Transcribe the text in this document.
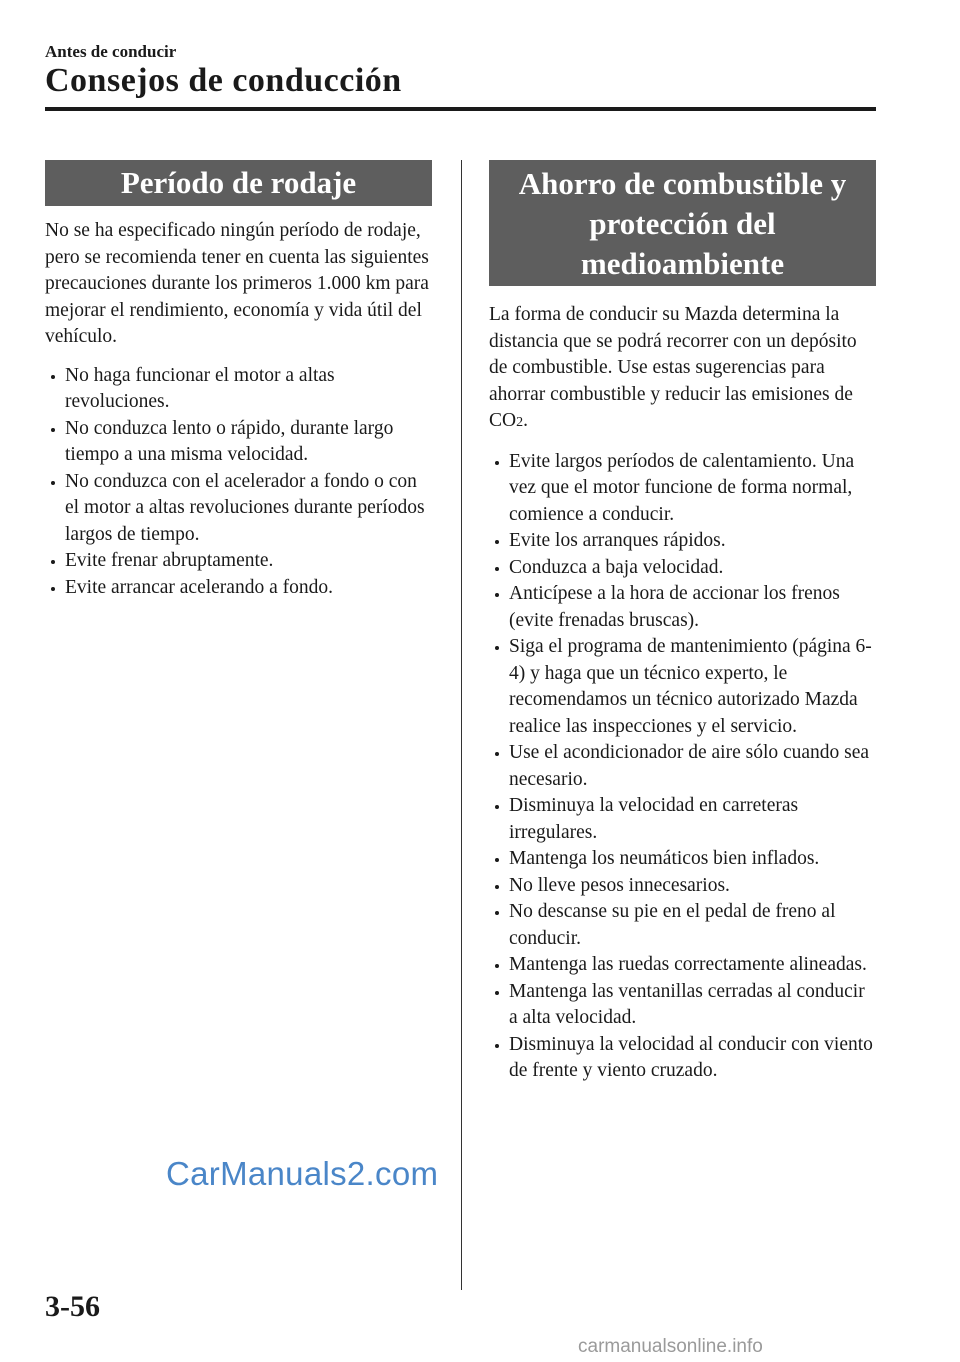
Antes de conducir
Consejos de conducción
Período de rodaje

No se ha especificado ningún período de rodaje, pero se recomienda tener en cuenta las siguientes precauciones durante los primeros 1.000 km para mejorar el rendimiento, economía y vida útil del vehículo.

No haga funcionar el motor a altas revoluciones.
No conduzca lento o rápido, durante largo tiempo a una misma velocidad.
No conduzca con el acelerador a fondo o con el motor a altas revoluciones durante períodos largos de tiempo.
Evite frenar abruptamente.
Evite arrancar acelerando a fondo.
Ahorro de combustible y
protección del
medioambiente

La forma de conducir su Mazda determina la distancia que se podrá recorrer con un depósito de combustible. Use estas sugerencias para ahorrar combustible y reducir las emisiones de CO2.

Evite largos períodos de calentamiento. Una vez que el motor funcione de forma normal, comience a conducir.
Evite los arranques rápidos.
Conduzca a baja velocidad.
Anticípese a la hora de accionar los frenos (evite frenadas bruscas).
Siga el programa de mantenimiento (página 6-4) y haga que un técnico experto, le recomendamos un técnico autorizado Mazda realice las inspecciones y el servicio.
Use el acondicionador de aire sólo cuando sea necesario.
Disminuya la velocidad en carreteras irregulares.
Mantenga los neumáticos bien inflados.
No lleve pesos innecesarios.
No descanse su pie en el pedal de freno al conducir.
Mantenga las ruedas correctamente alineadas.
Mantenga las ventanillas cerradas al conducir a alta velocidad.
Disminuya la velocidad al conducir con viento de frente y viento cruzado.
CarManuals2.com
3-56
carmanualsonline.info
